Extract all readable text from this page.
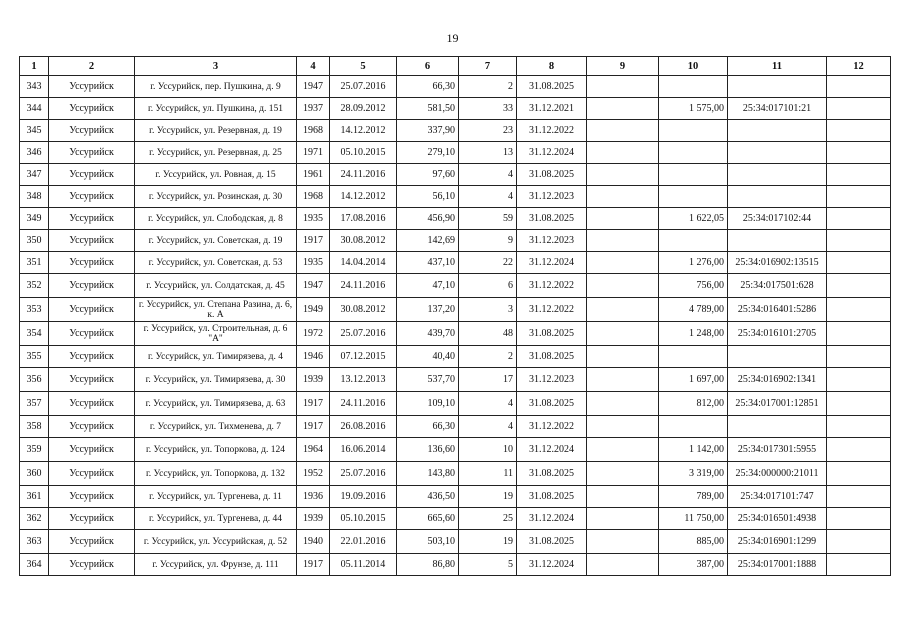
19
1	2	3	4	5	6	7	8	9	10	11	12
343	Уссурийск	г. Уссурийск, пер. Пушкина, д. 9	1947	25.07.2016	66,30	2	31.08.2025				
344	Уссурийск	г. Уссурийск, ул. Пушкина, д. 151	1937	28.09.2012	581,50	33	31.12.2021		1 575,00	25:34:017101:21	
345	Уссурийск	г. Уссурийск, ул. Резервная, д. 19	1968	14.12.2012	337,90	23	31.12.2022				
346	Уссурийск	г. Уссурийск, ул. Резервная, д. 25	1971	05.10.2015	279,10	13	31.12.2024				
347	Уссурийск	г. Уссурийск, ул. Ровная, д. 15	1961	24.11.2016	97,60	4	31.08.2025				
348	Уссурийск	г. Уссурийск, ул. Розинская, д. 30	1968	14.12.2012	56,10	4	31.12.2023				
349	Уссурийск	г. Уссурийск, ул. Слободская, д. 8	1935	17.08.2016	456,90	59	31.08.2025		1 622,05	25:34:017102:44	
350	Уссурийск	г. Уссурийск, ул. Советская, д. 19	1917	30.08.2012	142,69	9	31.12.2023				
351	Уссурийск	г. Уссурийск, ул. Советская, д. 53	1935	14.04.2014	437,10	22	31.12.2024		1 276,00	25:34:016902:13515	
352	Уссурийск	г. Уссурийск, ул. Солдатская, д. 45	1947	24.11.2016	47,10	6	31.12.2022		756,00	25:34:017501:628	
353	Уссурийск	г. Уссурийск, ул. Степана Разина, д. 6, к. А	1949	30.08.2012	137,20	3	31.12.2022		4 789,00	25:34:016401:5286	
354	Уссурийск	г. Уссурийск, ул. Строительная, д. 6 "А"	1972	25.07.2016	439,70	48	31.08.2025		1 248,00	25:34:016101:2705	
355	Уссурийск	г. Уссурийск, ул. Тимирязева, д. 4	1946	07.12.2015	40,40	2	31.08.2025				
356	Уссурийск	г. Уссурийск, ул. Тимирязева, д. 30	1939	13.12.2013	537,70	17	31.12.2023		1 697,00	25:34:016902:1341	
357	Уссурийск	г. Уссурийск, ул. Тимирязева, д. 63	1917	24.11.2016	109,10	4	31.08.2025		812,00	25:34:017001:12851	
358	Уссурийск	г. Уссурийск, ул. Тихменева, д. 7	1917	26.08.2016	66,30	4	31.12.2022				
359	Уссурийск	г. Уссурийск, ул. Топоркова, д. 124	1964	16.06.2014	136,60	10	31.12.2024		1 142,00	25:34:017301:5955	
360	Уссурийск	г. Уссурийск, ул. Топоркова, д. 132	1952	25.07.2016	143,80	11	31.08.2025		3 319,00	25:34:000000:21011	
361	Уссурийск	г. Уссурийск, ул. Тургенева, д. 11	1936	19.09.2016	436,50	19	31.08.2025		789,00	25:34:017101:747	
362	Уссурийск	г. Уссурийск, ул. Тургенева, д. 44	1939	05.10.2015	665,60	25	31.12.2024		11 750,00	25:34:016501:4938	
363	Уссурийск	г. Уссурийск, ул. Уссурийская, д. 52	1940	22.01.2016	503,10	19	31.08.2025		885,00	25:34:016901:1299	
364	Уссурийск	г. Уссурийск, ул. Фрунзе, д. 111	1917	05.11.2014	86,80	5	31.12.2024		387,00	25:34:017001:1888	
